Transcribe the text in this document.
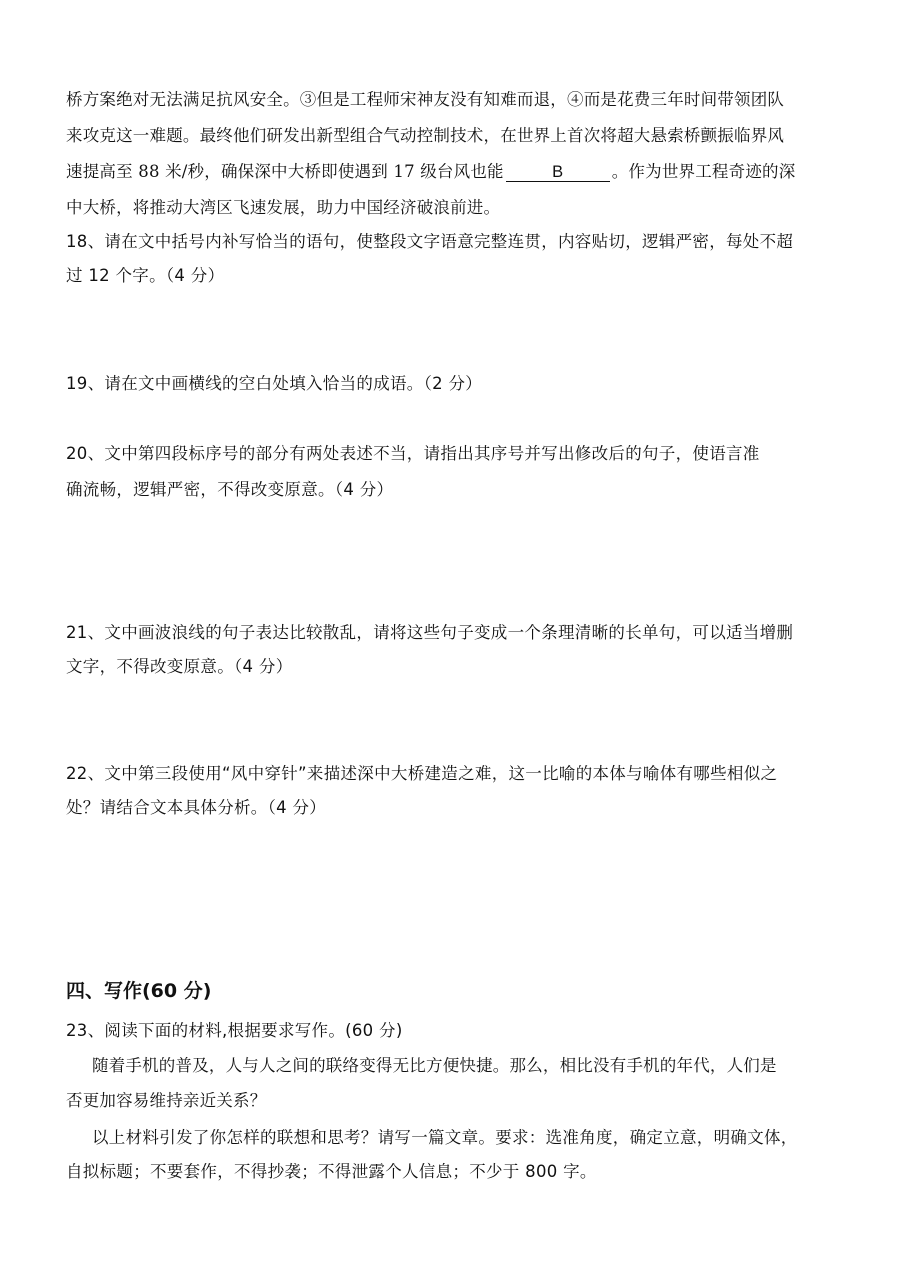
桥方案绝对无法满足抗风安全。③但是工程师宋神友没有知难而退，④而是花费三年时间带领团队
来攻克这一难题。最终他们研发出新型组合气动控制技术，在世界上首次将超大悬索桥颤振临界风
速提高至 88 米/秒，确保深中大桥即使遇到 17 级台风也能	B	。作为世界工程奇迹的深
中大桥，将推动大湾区飞速发展，助力中国经济破浪前进。
18、请在文中括号内补写恰当的语句，使整段文字语意完整连贯，内容贴切，逻辑严密，每处不超
过 12 个字。（4 分）
19、请在文中画横线的空白处填入恰当的成语。（2 分）
20、文中第四段标序号的部分有两处表述不当，请指出其序号并写出修改后的句子，使语言准
确流畅，逻辑严密，不得改变原意。（4 分）
21、文中画波浪线的句子表达比较散乱，请将这些句子变成一个条理清晰的长单句，可以适当增删
文字，不得改变原意。（4 分）
22、文中第三段使用“风中穿针”来描述深中大桥建造之难，这一比喻的本体与喻体有哪些相似之
处？请结合文本具体分析。（4 分）
四、写作(60 分)
23、阅读下面的材料,根据要求写作。(60 分)
随着手机的普及，人与人之间的联络变得无比方便快捷。那么，相比没有手机的年代，人们是
否更加容易维持亲近关系？
以上材料引发了你怎样的联想和思考？请写一篇文章。要求：选准角度，确定立意，明确文体，
自拟标题；不要套作，不得抄袭；不得泄露个人信息；不少于 800 字。
